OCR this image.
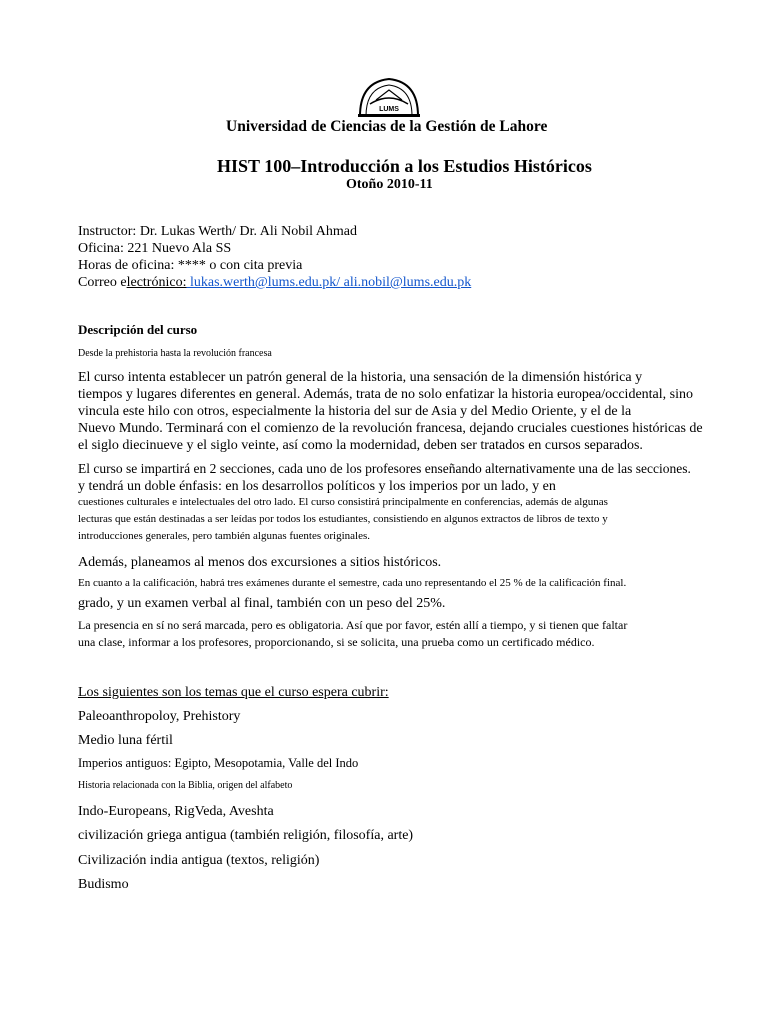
LUMS
Universidad de Ciencias de la Gestión de Lahore
HIST 100–Introducción a los Estudios Históricos
Otoño 2010-11
Instructor: Dr. Lukas Werth/ Dr. Ali Nobil Ahmad
Oficina: 221 Nuevo Ala SS
Horas de oficina: **** o con cita previa
Correo electrónico: lukas.werth@lums.edu.pk/ ali.nobil@lums.edu.pk
Descripción del curso
Desde la prehistoria hasta la revolución francesa
El curso intenta establecer un patrón general de la historia, una sensación de la dimensión histórica y
tiempos y lugares diferentes en general. Además, trata de no solo enfatizar la historia europea/occidental, sino
vincula este hilo con otros, especialmente la historia del sur de Asia y del Medio Oriente, y el de la
Nuevo Mundo. Terminará con el comienzo de la revolución francesa, dejando cruciales cuestiones históricas de
el siglo diecinueve y el siglo veinte, así como la modernidad, deben ser tratados en cursos separados.
El curso se impartirá en 2 secciones, cada uno de los profesores enseñando alternativamente una de las secciones.
y tendrá un doble énfasis: en los desarrollos políticos y los imperios por un lado, y en
cuestiones culturales e intelectuales del otro lado. El curso consistirá principalmente en conferencias, además de algunas
lecturas que están destinadas a ser leídas por todos los estudiantes, consistiendo en algunos extractos de libros de texto y
introducciones generales, pero también algunas fuentes originales.
Además, planeamos al menos dos excursiones a sitios históricos.
En cuanto a la calificación, habrá tres exámenes durante el semestre, cada uno representando el 25 % de la calificación final.
grado, y un examen verbal al final, también con un peso del 25%.
La presencia en sí no será marcada, pero es obligatoria. Así que por favor, estén allí a tiempo, y si tienen que faltar
una clase, informar a los profesores, proporcionando, si se solicita, una prueba como un certificado médico.
Los siguientes son los temas que el curso espera cubrir:
Paleoanthropoloy, Prehistory
Medio luna fértil
Imperios antiguos: Egipto, Mesopotamia, Valle del Indo
Historia relacionada con la Biblia, origen del alfabeto
Indo-Europeans, RigVeda, Aveshta
civilización griega antigua (también religión, filosofía, arte)
Civilización india antigua (textos, religión)
Budismo
